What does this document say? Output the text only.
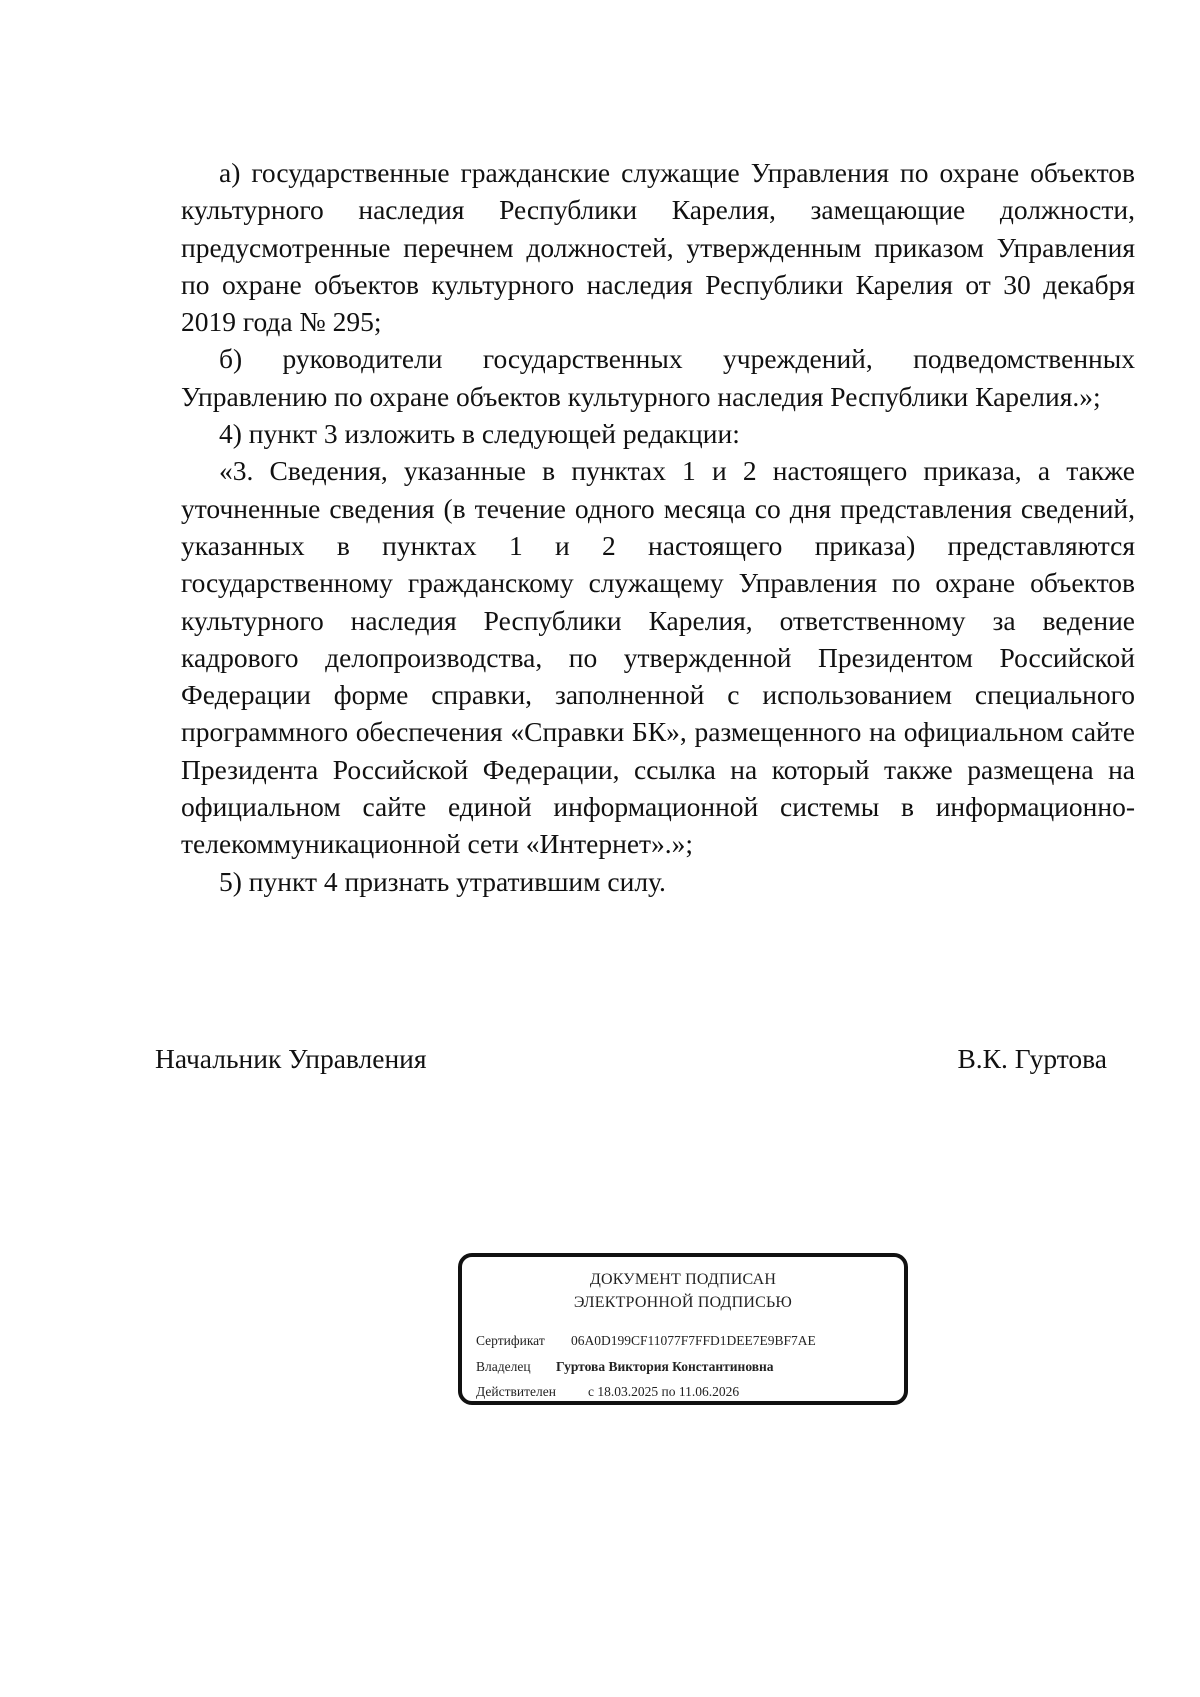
а) государственные гражданские служащие Управления по охране объектов культурного наследия Республики Карелия, замещающие должности, предусмотренные перечнем должностей, утвержденным приказом Управления по охране объектов культурного наследия Республики Карелия от 30 декабря 2019 года № 295;

б) руководители государственных учреждений, подведомственных Управлению по охране объектов культурного наследия Республики Карелия.»;

4) пункт 3 изложить в следующей редакции:

«3. Сведения, указанные в пунктах 1 и 2 настоящего приказа, а также уточненные сведения (в течение одного месяца со дня представления сведений, указанных в пунктах 1 и 2 настоящего приказа) представляются государственному гражданскому служащему Управления по охране объектов культурного наследия Республики Карелия, ответственному за ведение кадрового делопроизводства, по утвержденной Президентом Российской Федерации форме справки, заполненной с использованием специального программного обеспечения «Справки БК», размещенного на официальном сайте Президента Российской Федерации, ссылка на который также размещена на официальном сайте единой информационной системы в информационно-телекоммуникационной сети «Интернет».»;

5) пункт 4 признать утратившим силу.

Начальник Управления	В.К. Гуртова
ДОКУМЕНТ ПОДПИСАН
ЭЛЕКТРОННОЙ ПОДПИСЬЮ
Сертификат 06A0D199CF11077F7FFD1DEE7E9BF7AE
Владелец Гуртова Виктория Константиновна
Действителен с 18.03.2025 по 11.06.2026
